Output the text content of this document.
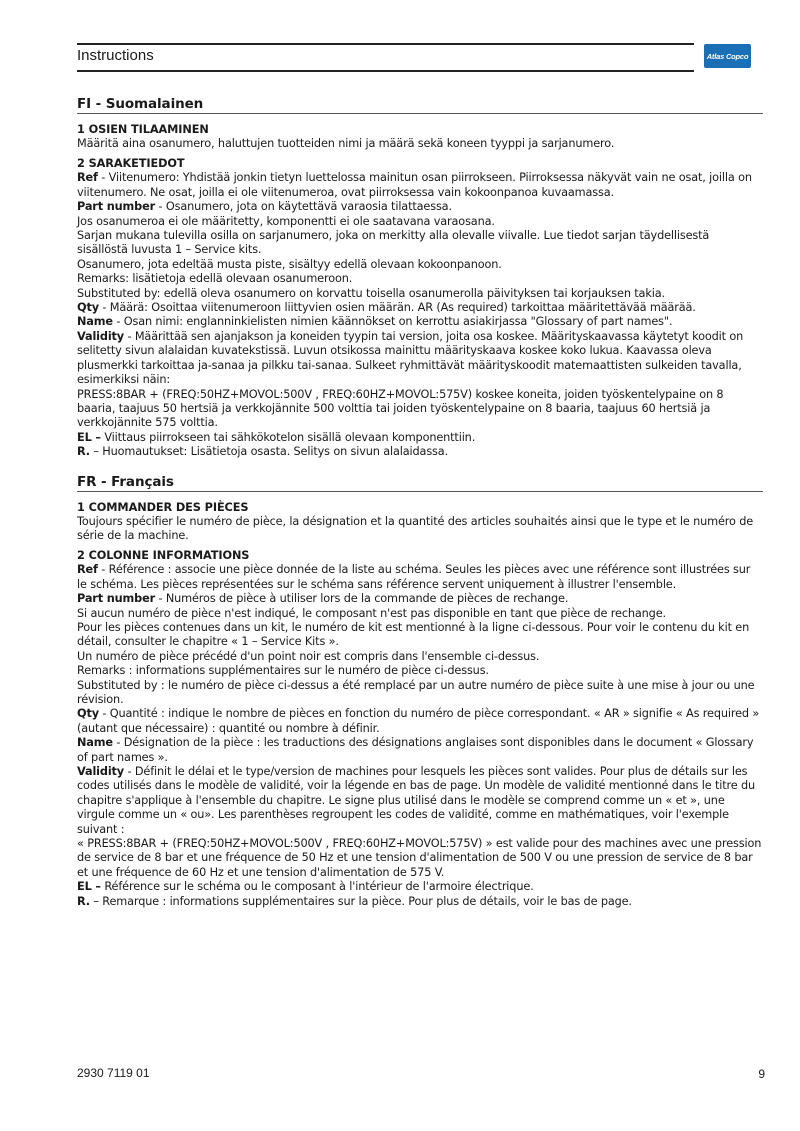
Instructions	Atlas Copco
FI - Suomalainen
1 OSIEN TILAAMINEN

Määritä aina osanumero, haluttujen tuotteiden nimi ja määrä sekä koneen tyyppi ja sarjanumero.

2 SARAKETIEDOT

Ref - Viitenumero: Yhdistää jonkin tietyn luettelossa mainitun osan piirrokseen. Piirroksessa näkyvät vain ne osat, joilla on viitenumero. Ne osat, joilla ei ole viitenumeroa, ovat piirroksessa vain kokoonpanoa kuvaamassa.

Part number - Osanumero, jota on käytettävä varaosia tilattaessa.

Jos osanumeroa ei ole määritetty, komponentti ei ole saatavana varaosana.

Sarjan mukana tulevilla osilla on sarjanumero, joka on merkitty alla olevalle viivalle. Lue tiedot sarjan täydellisestä sisällöstä luvusta 1 – Service kits.

Osanumero, jota edeltää musta piste, sisältyy edellä olevaan kokoonpanoon.

Remarks: lisätietoja edellä olevaan osanumeroon.

Substituted by: edellä oleva osanumero on korvattu toisella osanumerolla päivityksen tai korjauksen takia.

Qty - Määrä: Osoittaa viitenumeroon liittyvien osien määrän. AR (As required) tarkoittaa määritettävää määrää.

Name - Osan nimi: englanninkielisten nimien käännökset on kerrottu asiakirjassa "Glossary of part names".

Validity - Määrittää sen ajanjakson ja koneiden tyypin tai version, joita osa koskee. Määrityskaavassa käytetyt koodit on selitetty sivun alalaidan kuvatekstissä. Luvun otsikossa mainittu määrityskaava koskee koko lukua. Kaavassa oleva plusmerkki tarkoittaa ja-sanaa ja pilkku tai-sanaa. Sulkeet ryhmittävät määrityskoodit matemaattisten sulkeiden tavalla, esimerkiksi näin:

PRESS:8BAR + (FREQ:50HZ+MOVOL:500V , FREQ:60HZ+MOVOL:575V) koskee koneita, joiden työskentelypaine on 8 baaria, taajuus 50 hertsiä ja verkkojännite 500 volttia tai joiden työskentelypaine on 8 baaria, taajuus 60 hertsiä ja verkkojännite 575 volttia.

EL – Viittaus piirrokseen tai sähkökotelon sisällä olevaan komponenttiin.

R. – Huomautukset: Lisätietoja osasta. Selitys on sivun alalaidassa.

FR - Français
1 COMMANDER DES PIÈCES

Toujours spécifier le numéro de pièce, la désignation et la quantité des articles souhaités ainsi que le type et le numéro de série de la machine.

2 COLONNE INFORMATIONS

Ref - Référence : associe une pièce donnée de la liste au schéma. Seules les pièces avec une référence sont illustrées sur le schéma. Les pièces représentées sur le schéma sans référence servent uniquement à illustrer l'ensemble.

Part number - Numéros de pièce à utiliser lors de la commande de pièces de rechange.

Si aucun numéro de pièce n'est indiqué, le composant n'est pas disponible en tant que pièce de rechange.

Pour les pièces contenues dans un kit, le numéro de kit est mentionné à la ligne ci-dessous. Pour voir le contenu du kit en détail, consulter le chapitre « 1 – Service Kits ».

Un numéro de pièce précédé d'un point noir est compris dans l'ensemble ci-dessus.

Remarks : informations supplémentaires sur le numéro de pièce ci-dessus.

Substituted by : le numéro de pièce ci-dessus a été remplacé par un autre numéro de pièce suite à une mise à jour ou une révision.

Qty - Quantité : indique le nombre de pièces en fonction du numéro de pièce correspondant. « AR » signifie « As required » (autant que nécessaire) : quantité ou nombre à définir.

Name - Désignation de la pièce : les traductions des désignations anglaises sont disponibles dans le document « Glossary of part names ».

Validity - Définit le délai et le type/version de machines pour lesquels les pièces sont valides. Pour plus de détails sur les codes utilisés dans le modèle de validité, voir la légende en bas de page. Un modèle de validité mentionné dans le titre du chapitre s'applique à l'ensemble du chapitre. Le signe plus utilisé dans le modèle se comprend comme un « et », une virgule comme un « ou». Les parenthèses regroupent les codes de validité, comme en mathématiques, voir l'exemple suivant :

« PRESS:8BAR + (FREQ:50HZ+MOVOL:500V , FREQ:60HZ+MOVOL:575V) » est valide pour des machines avec une pression de service de 8 bar et une fréquence de 50 Hz et une tension d'alimentation de 500 V ou une pression de service de 8 bar et une fréquence de 60 Hz et une tension d'alimentation de 575 V.

EL – Référence sur le schéma ou le composant à l'intérieur de l'armoire électrique.

R. – Remarque : informations supplémentaires sur la pièce. Pour plus de détails, voir le bas de page.

2930 7119 01	9
